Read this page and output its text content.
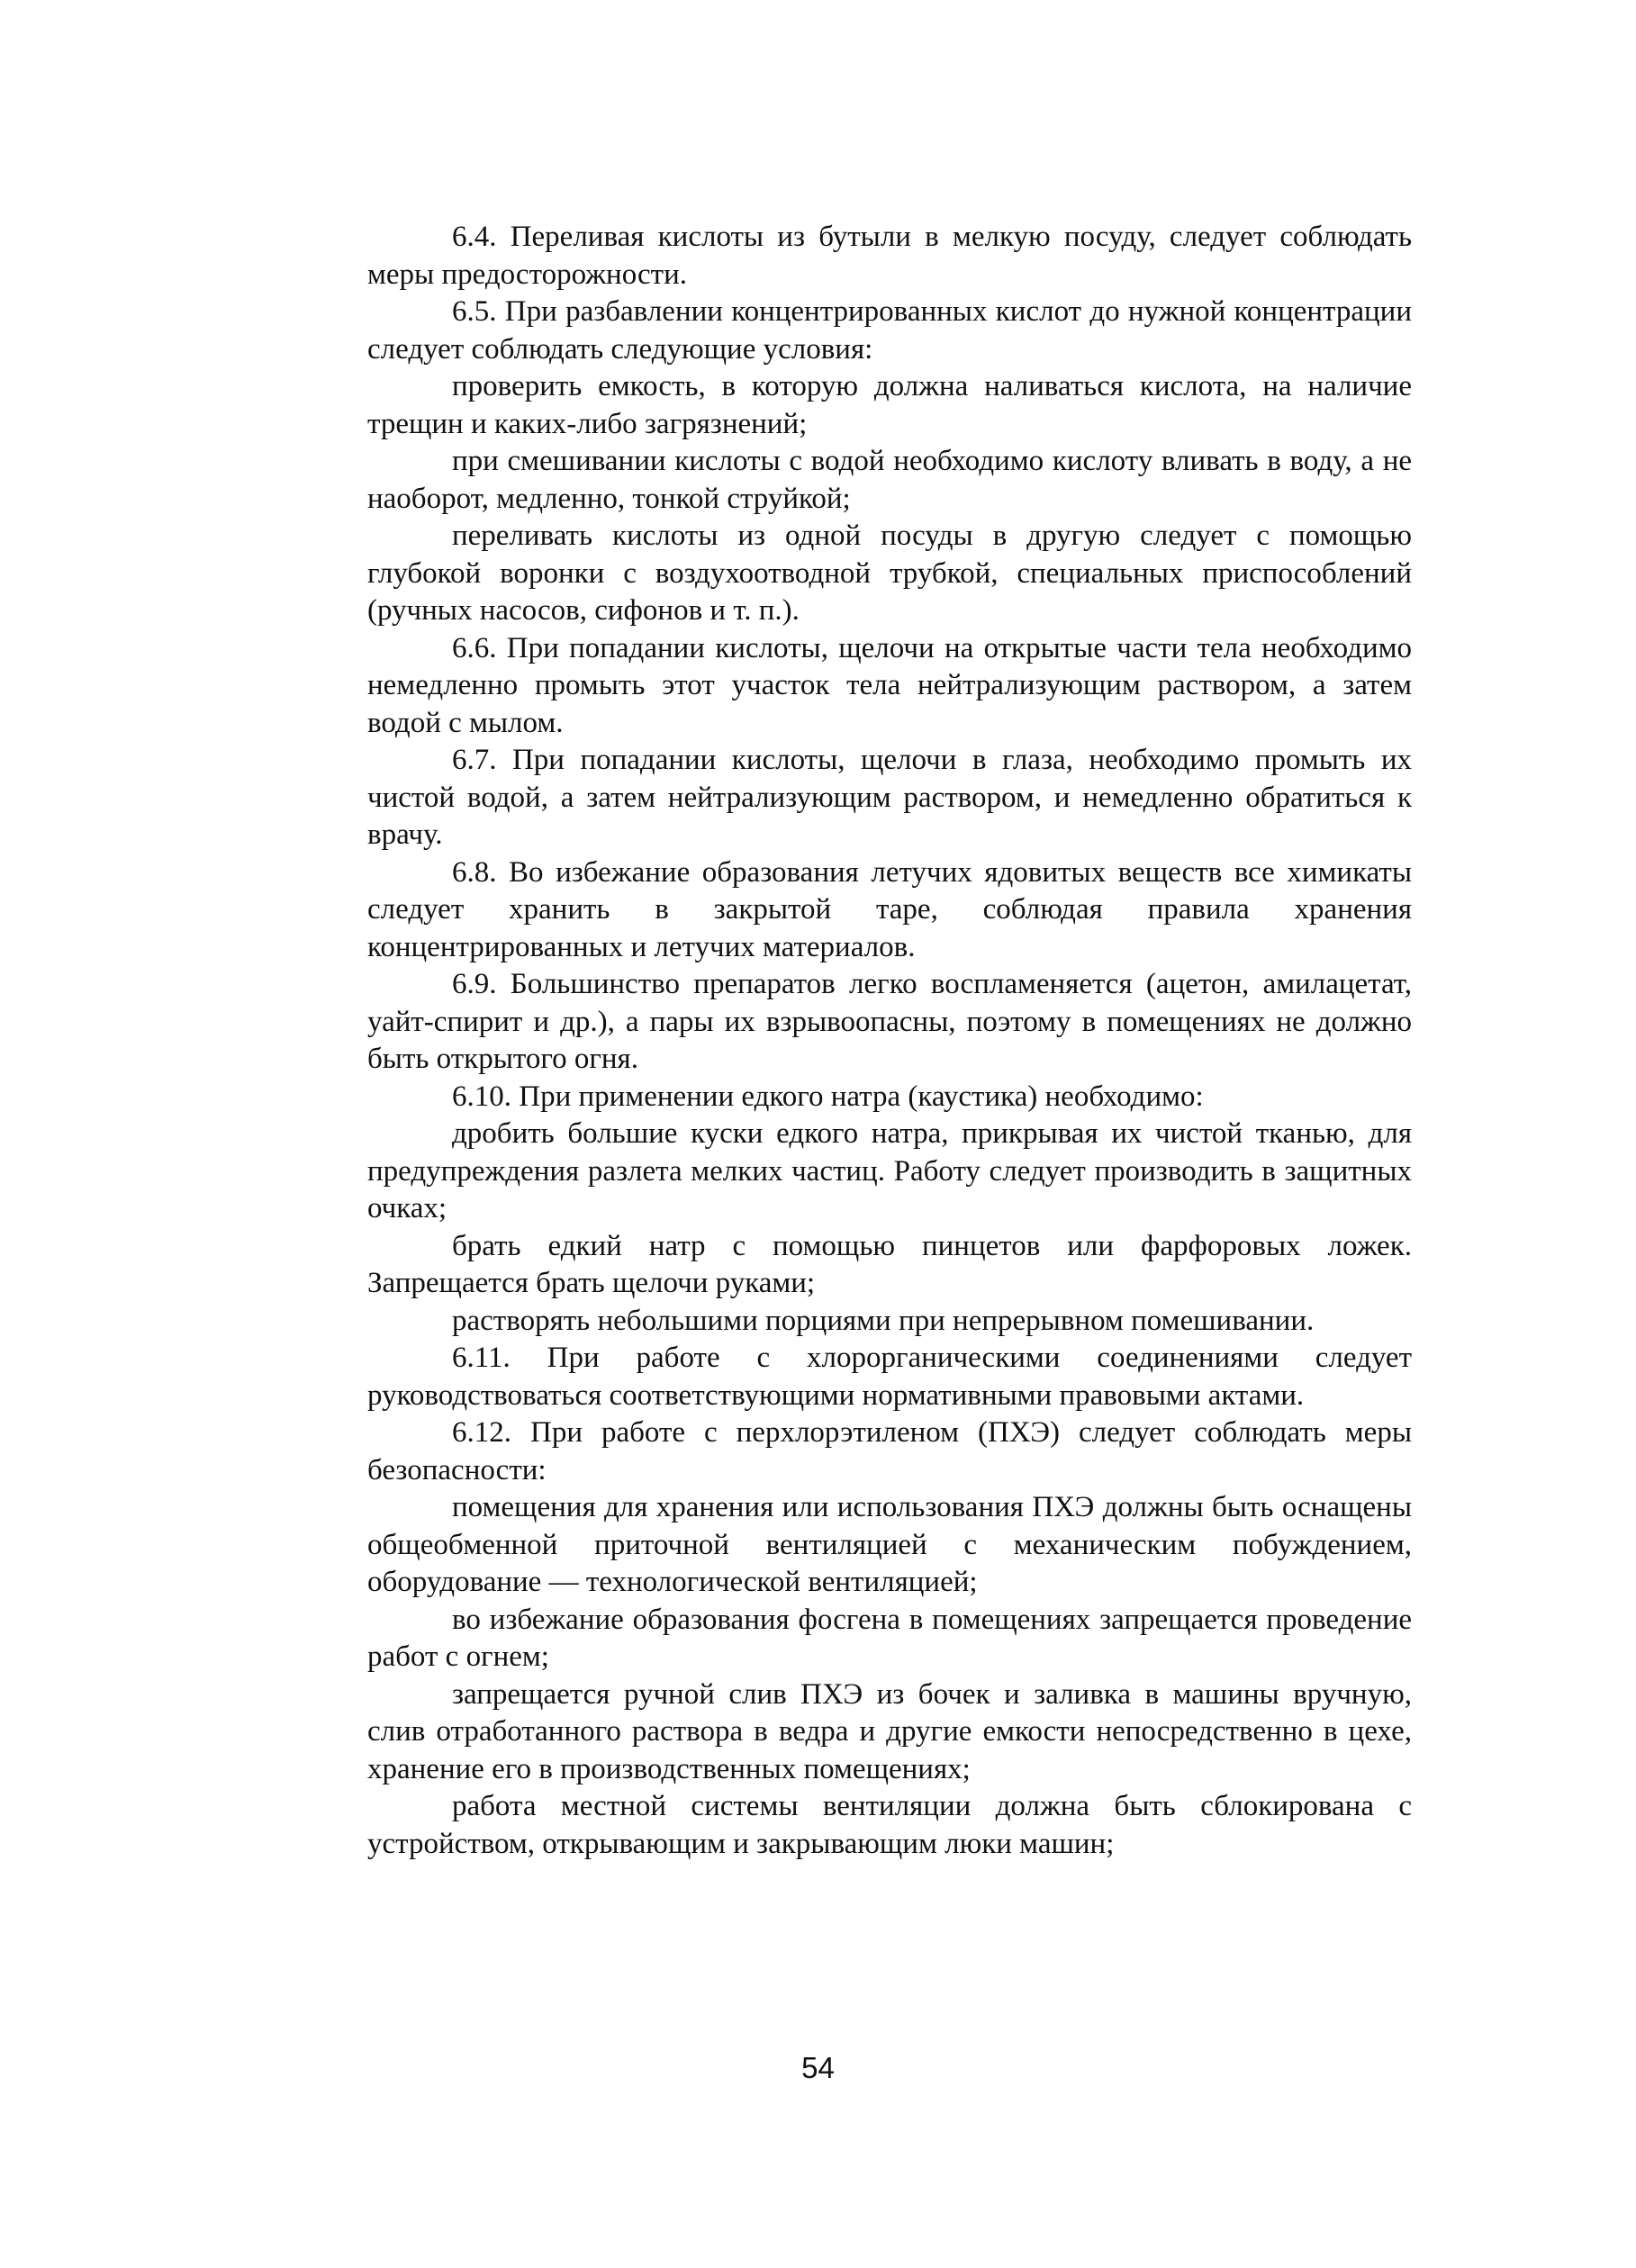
6.4. Переливая кислоты из бутыли в мелкую посуду, следует соблюдать меры предосторожности.

6.5. При разбавлении концентрированных кислот до нужной концентрации следует соблюдать следующие условия:

проверить емкость, в которую должна наливаться кислота, на наличие трещин и каких-либо загрязнений;

при смешивании кислоты с водой необходимо кислоту вливать в воду, а не наоборот, медленно, тонкой струйкой;

переливать кислоты из одной посуды в другую следует с помощью глубокой воронки с воздухоотводной трубкой, специальных приспособлений (ручных насосов, сифонов и т. п.).

6.6. При попадании кислоты, щелочи на открытые части тела необходимо немедленно промыть этот участок тела нейтрализующим раствором, а затем водой с мылом.

6.7. При попадании кислоты, щелочи в глаза, необходимо промыть их чистой водой, а затем нейтрализующим раствором, и немедленно обратиться к врачу.

6.8. Во избежание образования летучих ядовитых веществ все химикаты следует хранить в закрытой таре, соблюдая правила хранения концентрированных и летучих материалов.

6.9. Большинство препаратов легко воспламеняется (ацетон, амилацетат, уайт-спирит и др.), а пары их взрывоопасны, поэтому в помещениях не должно быть открытого огня.

6.10. При применении едкого натра (каустика) необходимо:

дробить большие куски едкого натра, прикрывая их чистой тканью, для предупреждения разлета мелких частиц. Работу следует производить в защитных очках;

брать едкий натр с помощью пинцетов или фарфоровых ложек. Запрещается брать щелочи руками;

растворять небольшими порциями при непрерывном помешивании.

6.11. При работе с хлорорганическими соединениями следует руководствоваться соответствующими нормативными правовыми актами.

6.12. При работе с перхлорэтиленом (ПХЭ) следует соблюдать меры безопасности:

помещения для хранения или использования ПХЭ должны быть оснащены общеобменной приточной вентиляцией с механическим побуждением, оборудование — технологической вентиляцией;

во избежание образования фосгена в помещениях запрещается проведение работ с огнем;

запрещается ручной слив ПХЭ из бочек и заливка в машины вручную, слив отработанного раствора в ведра и другие емкости непосредственно в цехе, хранение его в производственных помещениях;

работа местной системы вентиляции должна быть сблокирована с устройством, открывающим и закрывающим люки машин;

54
